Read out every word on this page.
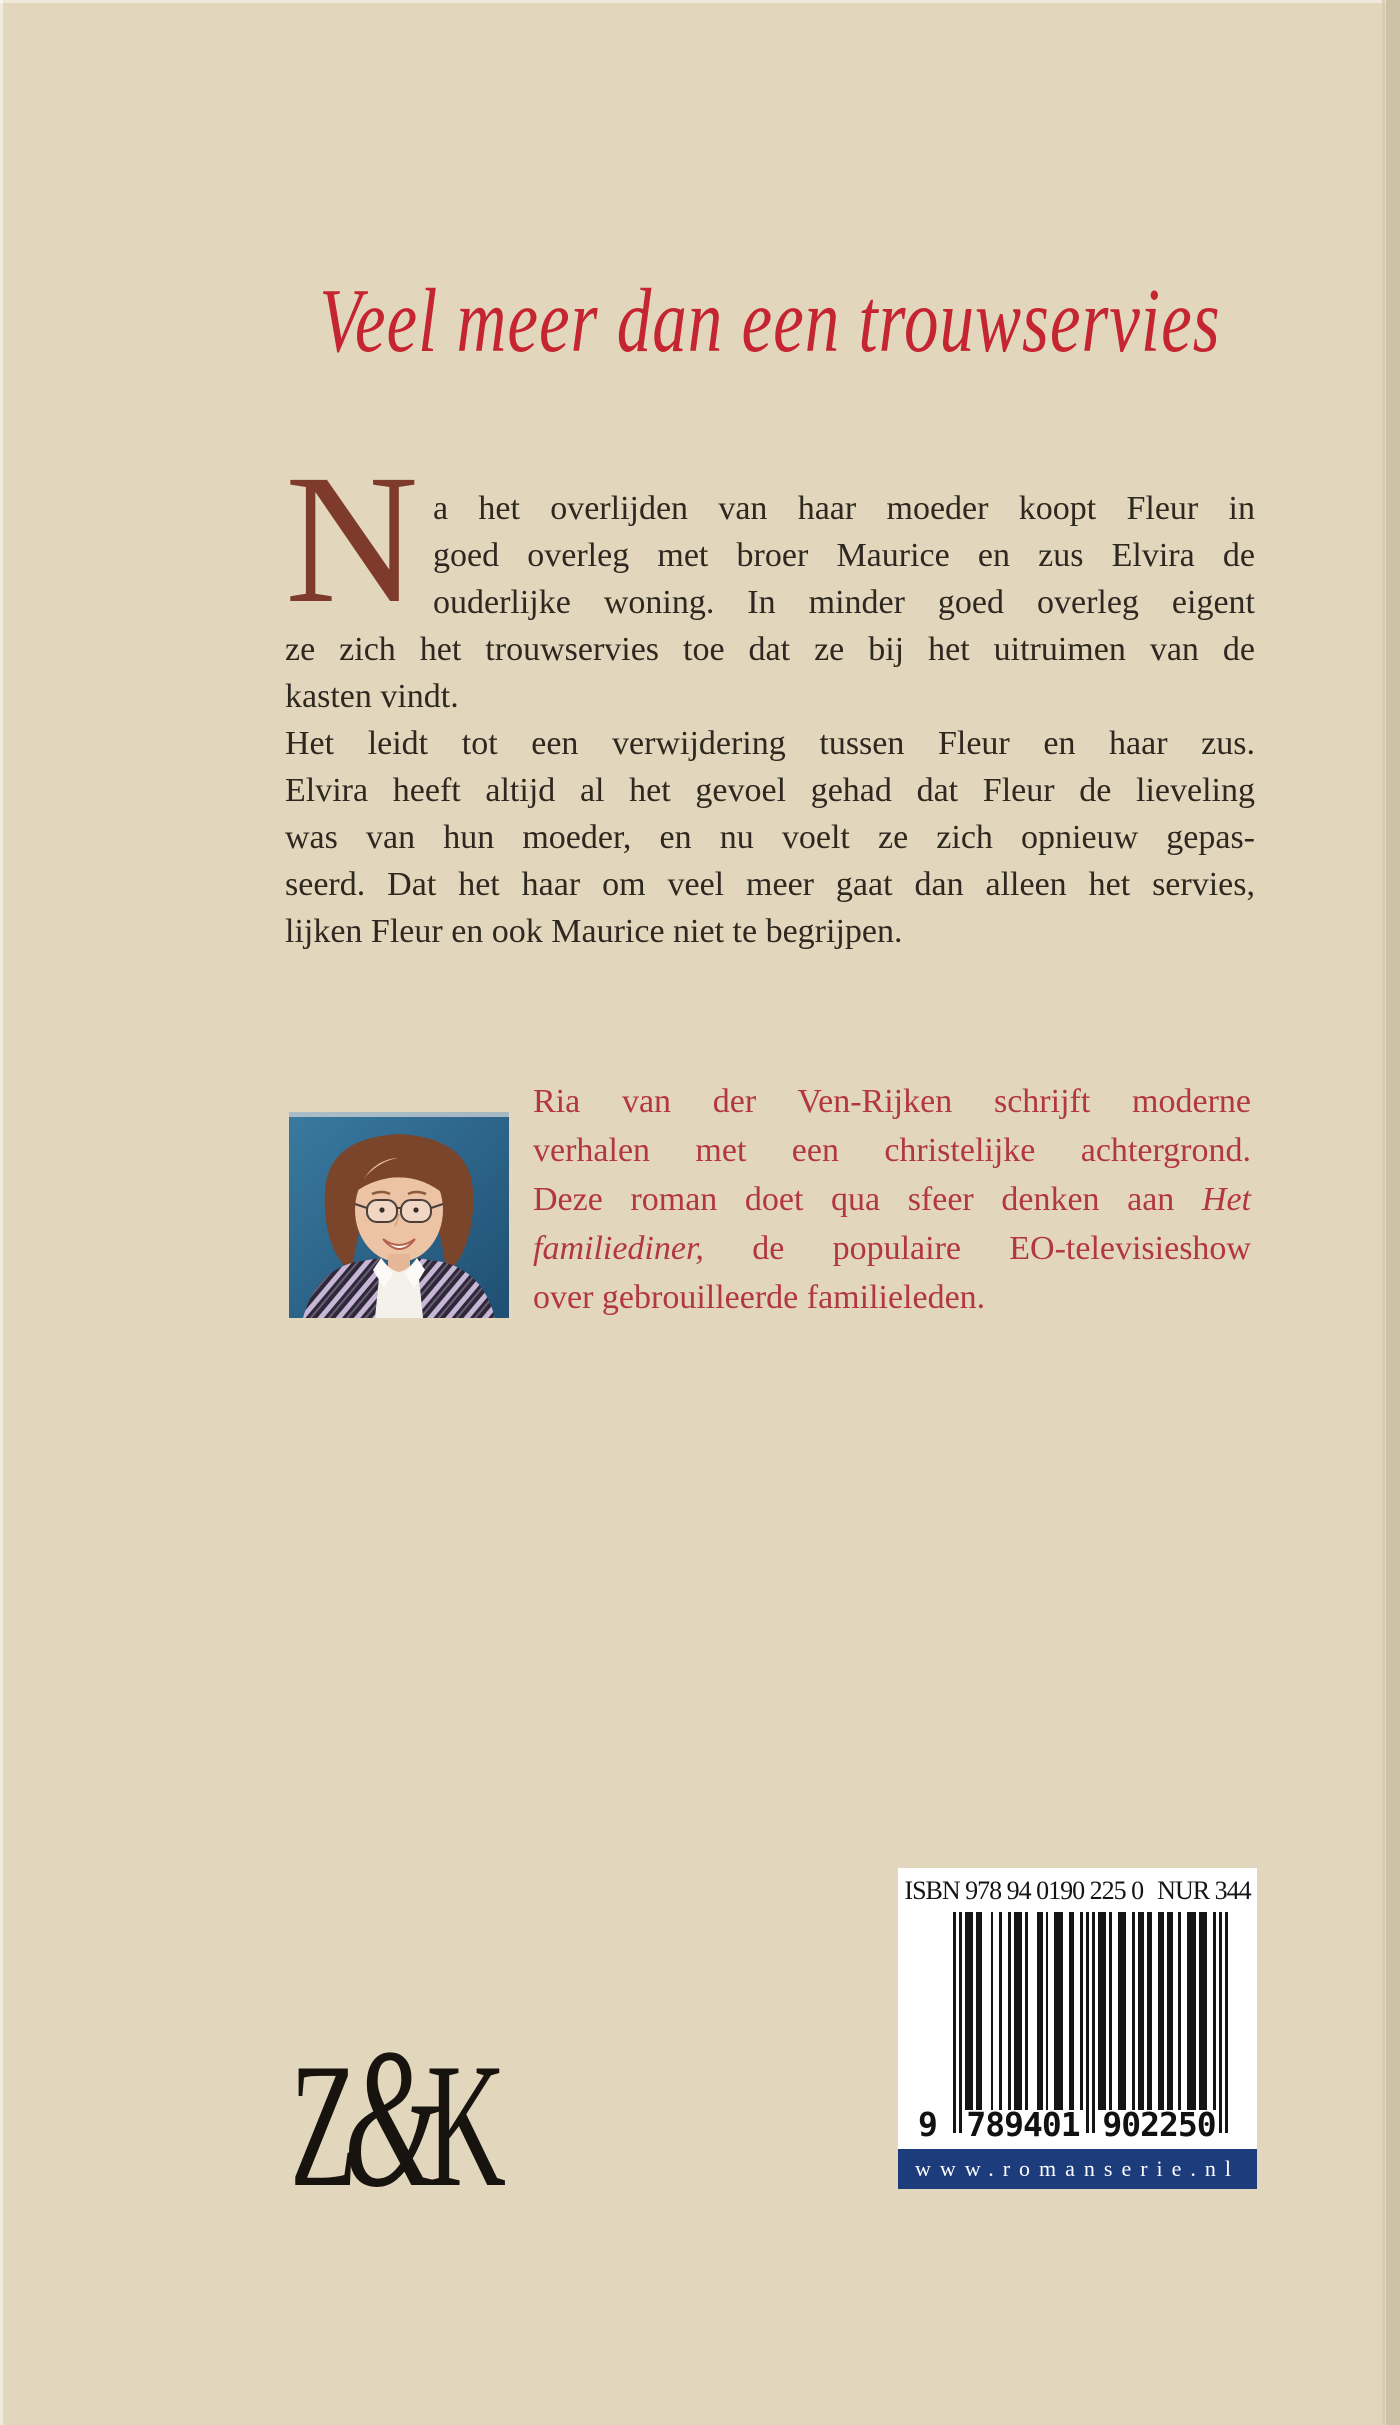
Veel meer dan een trouwservies
N a het overlijden van haar moeder koopt Fleur in
goed overleg met broer Maurice en zus Elvira de
ouderlijke woning. In minder goed overleg eigent
ze zich het trouwservies toe dat ze bij het uitruimen van de
kasten vindt.
Het leidt tot een verwijdering tussen Fleur en haar zus.
Elvira heeft altijd al het gevoel gehad dat Fleur de lieveling
was van hun moeder, en nu voelt ze zich opnieuw gepas-
seerd. Dat het haar om veel meer gaat dan alleen het servies,
lijken Fleur en ook Maurice niet te begrijpen.
Ria van der Ven-Rijken schrijft moderne
verhalen met een christelijke achtergrond.
Deze roman doet qua sfeer denken aan Het
familiediner, de populaire EO-televisieshow
over gebrouilleerde familieleden.
ISBN 978 94 0190 225 0 NUR 344
9 789401 902250
www.romanserie.nl
Z&K
